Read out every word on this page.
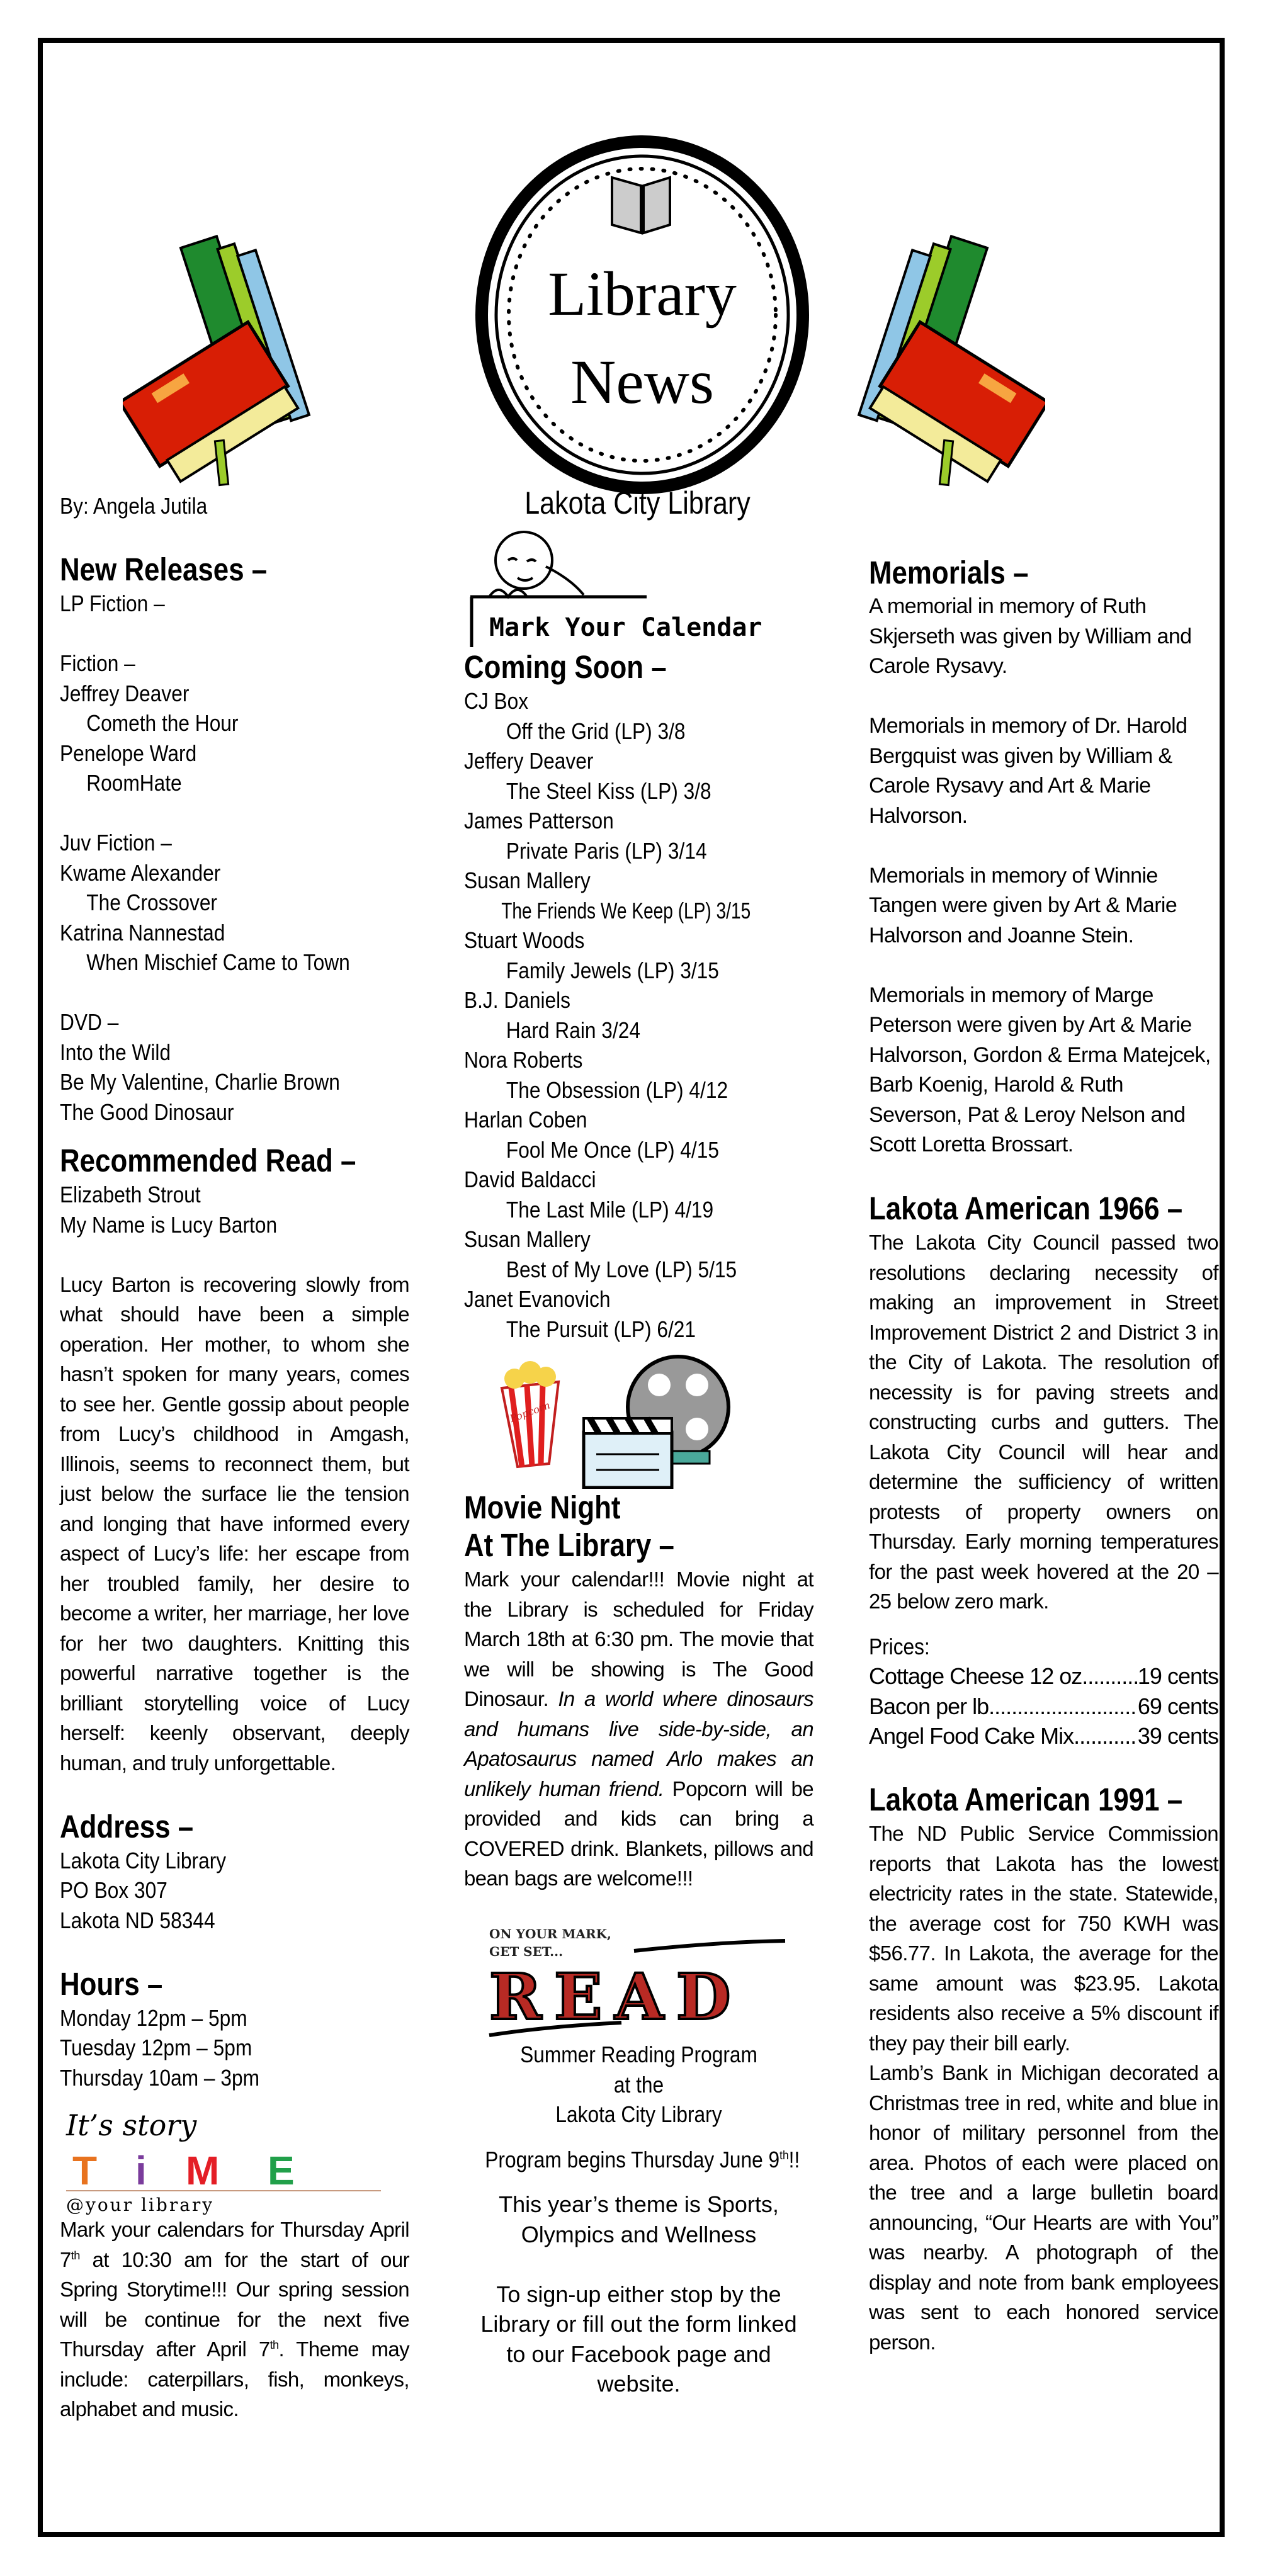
Library
News
Lakota City Library
By: Angela Jutila
New Releases –
LP Fiction –
Fiction –
Jeffrey Deaver
Cometh the Hour
Penelope Ward
RoomHate
Juv Fiction –
Kwame Alexander
The Crossover
Katrina Nannestad
When Mischief Came to Town
DVD –
Into the Wild
Be My Valentine, Charlie Brown
The Good Dinosaur
Recommended Read –
Elizabeth Strout
My Name is Lucy Barton
Lucy Barton is recovering slowly from what should have been a simple operation. Her mother, to whom she hasn’t spoken for many years, comes to see her. Gentle gossip about people from Lucy’s childhood in Amgash, Illinois, seems to reconnect them, but just below the surface lie the tension and longing that have informed every aspect of Lucy’s life: her escape from her troubled family, her desire to become a writer, her marriage, her love for her two daughters. Knitting this powerful narrative together is the brilliant storytelling voice of Lucy herself: keenly observant, deeply human, and truly unforgettable.
Address –
Lakota City Library
PO Box 307
Lakota ND 58344
Hours –
Monday 12pm – 5pm
Tuesday 12pm – 5pm
Thursday 10am – 3pm
It’s story
T i M E
@your library
Mark your calendars for Thursday April 7th at 10:30 am for the start of our Spring Storytime!!! Our spring session will be continue for the next five Thursday after April 7th. Theme may include: caterpillars, fish, monkeys, alphabet and music.
Mark Your Calendar
Coming Soon –
CJ Box
Off the Grid (LP) 3/8
Jeffery Deaver
The Steel Kiss (LP) 3/8
James Patterson
Private Paris (LP) 3/14
Susan Mallery
The Friends We Keep (LP) 3/15
Stuart Woods
Family Jewels (LP) 3/15
B.J. Daniels
Hard Rain 3/24
Nora Roberts
The Obsession (LP) 4/12
Harlan Coben
Fool Me Once (LP) 4/15
David Baldacci
The Last Mile (LP) 4/19
Susan Mallery
Best of My Love (LP) 5/15
Janet Evanovich
The Pursuit (LP) 6/21
Popcorn
Movie Night
At The Library –
Mark your calendar!!! Movie night at the Library is scheduled for Friday March 18th at 6:30 pm. The movie that we will be showing is The Good Dinosaur. In a world where dinosaurs and humans live side-by-side, an Apatosaurus named Arlo makes an unlikely human friend. Popcorn will be provided and kids can bring a COVERED drink. Blankets, pillows and bean bags are welcome!!!
ON YOUR MARK,
GET SET...
READ
Summer Reading Program
at the
Lakota City Library
Program begins Thursday June 9th!!
This year’s theme is Sports, Olympics and Wellness
To sign-up either stop by the Library or fill out the form linked to our Facebook page and website.
Memorials –
A memorial in memory of Ruth Skjerseth was given by William and Carole Rysavy.
Memorials in memory of Dr. Harold Bergquist was given by William & Carole Rysavy and Art & Marie Halvorson.
Memorials in memory of Winnie Tangen were given by Art & Marie Halvorson and Joanne Stein.
Memorials in memory of Marge Peterson were given by Art & Marie Halvorson, Gordon & Erma Matejcek, Barb Koenig, Harold & Ruth Severson, Pat & Leroy Nelson and Scott Loretta Brossart.
Lakota American 1966 –
The Lakota City Council passed two resolutions declaring necessity of making an improvement in Street Improvement District 2 and District 3 in the City of Lakota. The resolution of necessity is for paving streets and constructing curbs and gutters. The Lakota City Council will hear and determine the sufficiency of written protests of property owners on Thursday. Early morning temperatures for the past week hovered at the 20 – 25 below zero mark.
Prices:
Cottage Cheese 12 oz. ..... 19 cents
Bacon per lb .....	69 cents
Angel Food Cake Mix .....	39 cents
Lakota American 1991 –
The ND Public Service Commission reports that Lakota has the lowest electricity rates in the state. Statewide, the average cost for 750 KWH was $56.77. In Lakota, the average for the same amount was $23.95. Lakota residents also receive a 5% discount if they pay their bill early.
Lamb’s Bank in Michigan decorated a Christmas tree in red, white and blue in honor of military personnel from the area. Photos of each were placed on the tree and a large bulletin board announcing, “Our Hearts are with You” was nearby. A photograph of the display and note from bank employees was sent to each honored service person.
